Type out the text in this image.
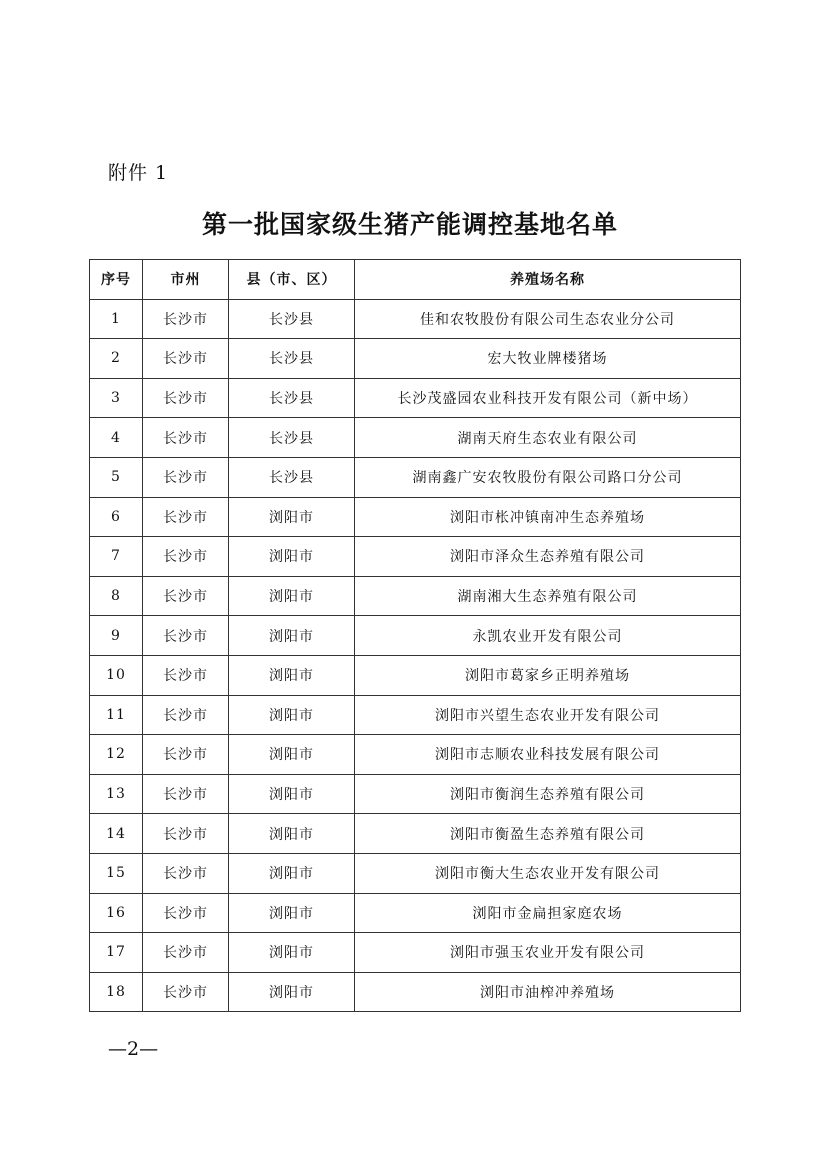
附件 1
第一批国家级生猪产能调控基地名单
序号	市州	县（市、区）	养殖场名称
1	长沙市	长沙县	佳和农牧股份有限公司生态农业分公司
2	长沙市	长沙县	宏大牧业牌楼猪场
3	长沙市	长沙县	长沙茂盛园农业科技开发有限公司（新中场）
4	长沙市	长沙县	湖南天府生态农业有限公司
5	长沙市	长沙县	湖南鑫广安农牧股份有限公司路口分公司
6	长沙市	浏阳市	浏阳市枨冲镇南冲生态养殖场
7	长沙市	浏阳市	浏阳市泽众生态养殖有限公司
8	长沙市	浏阳市	湖南湘大生态养殖有限公司
9	长沙市	浏阳市	永凯农业开发有限公司
10	长沙市	浏阳市	浏阳市葛家乡正明养殖场
11	长沙市	浏阳市	浏阳市兴望生态农业开发有限公司
12	长沙市	浏阳市	浏阳市志顺农业科技发展有限公司
13	长沙市	浏阳市	浏阳市衡润生态养殖有限公司
14	长沙市	浏阳市	浏阳市衡盈生态养殖有限公司
15	长沙市	浏阳市	浏阳市衡大生态农业开发有限公司
16	长沙市	浏阳市	浏阳市金扁担家庭农场
17	长沙市	浏阳市	浏阳市强玉农业开发有限公司
18	长沙市	浏阳市	浏阳市油榨冲养殖场
—2—
